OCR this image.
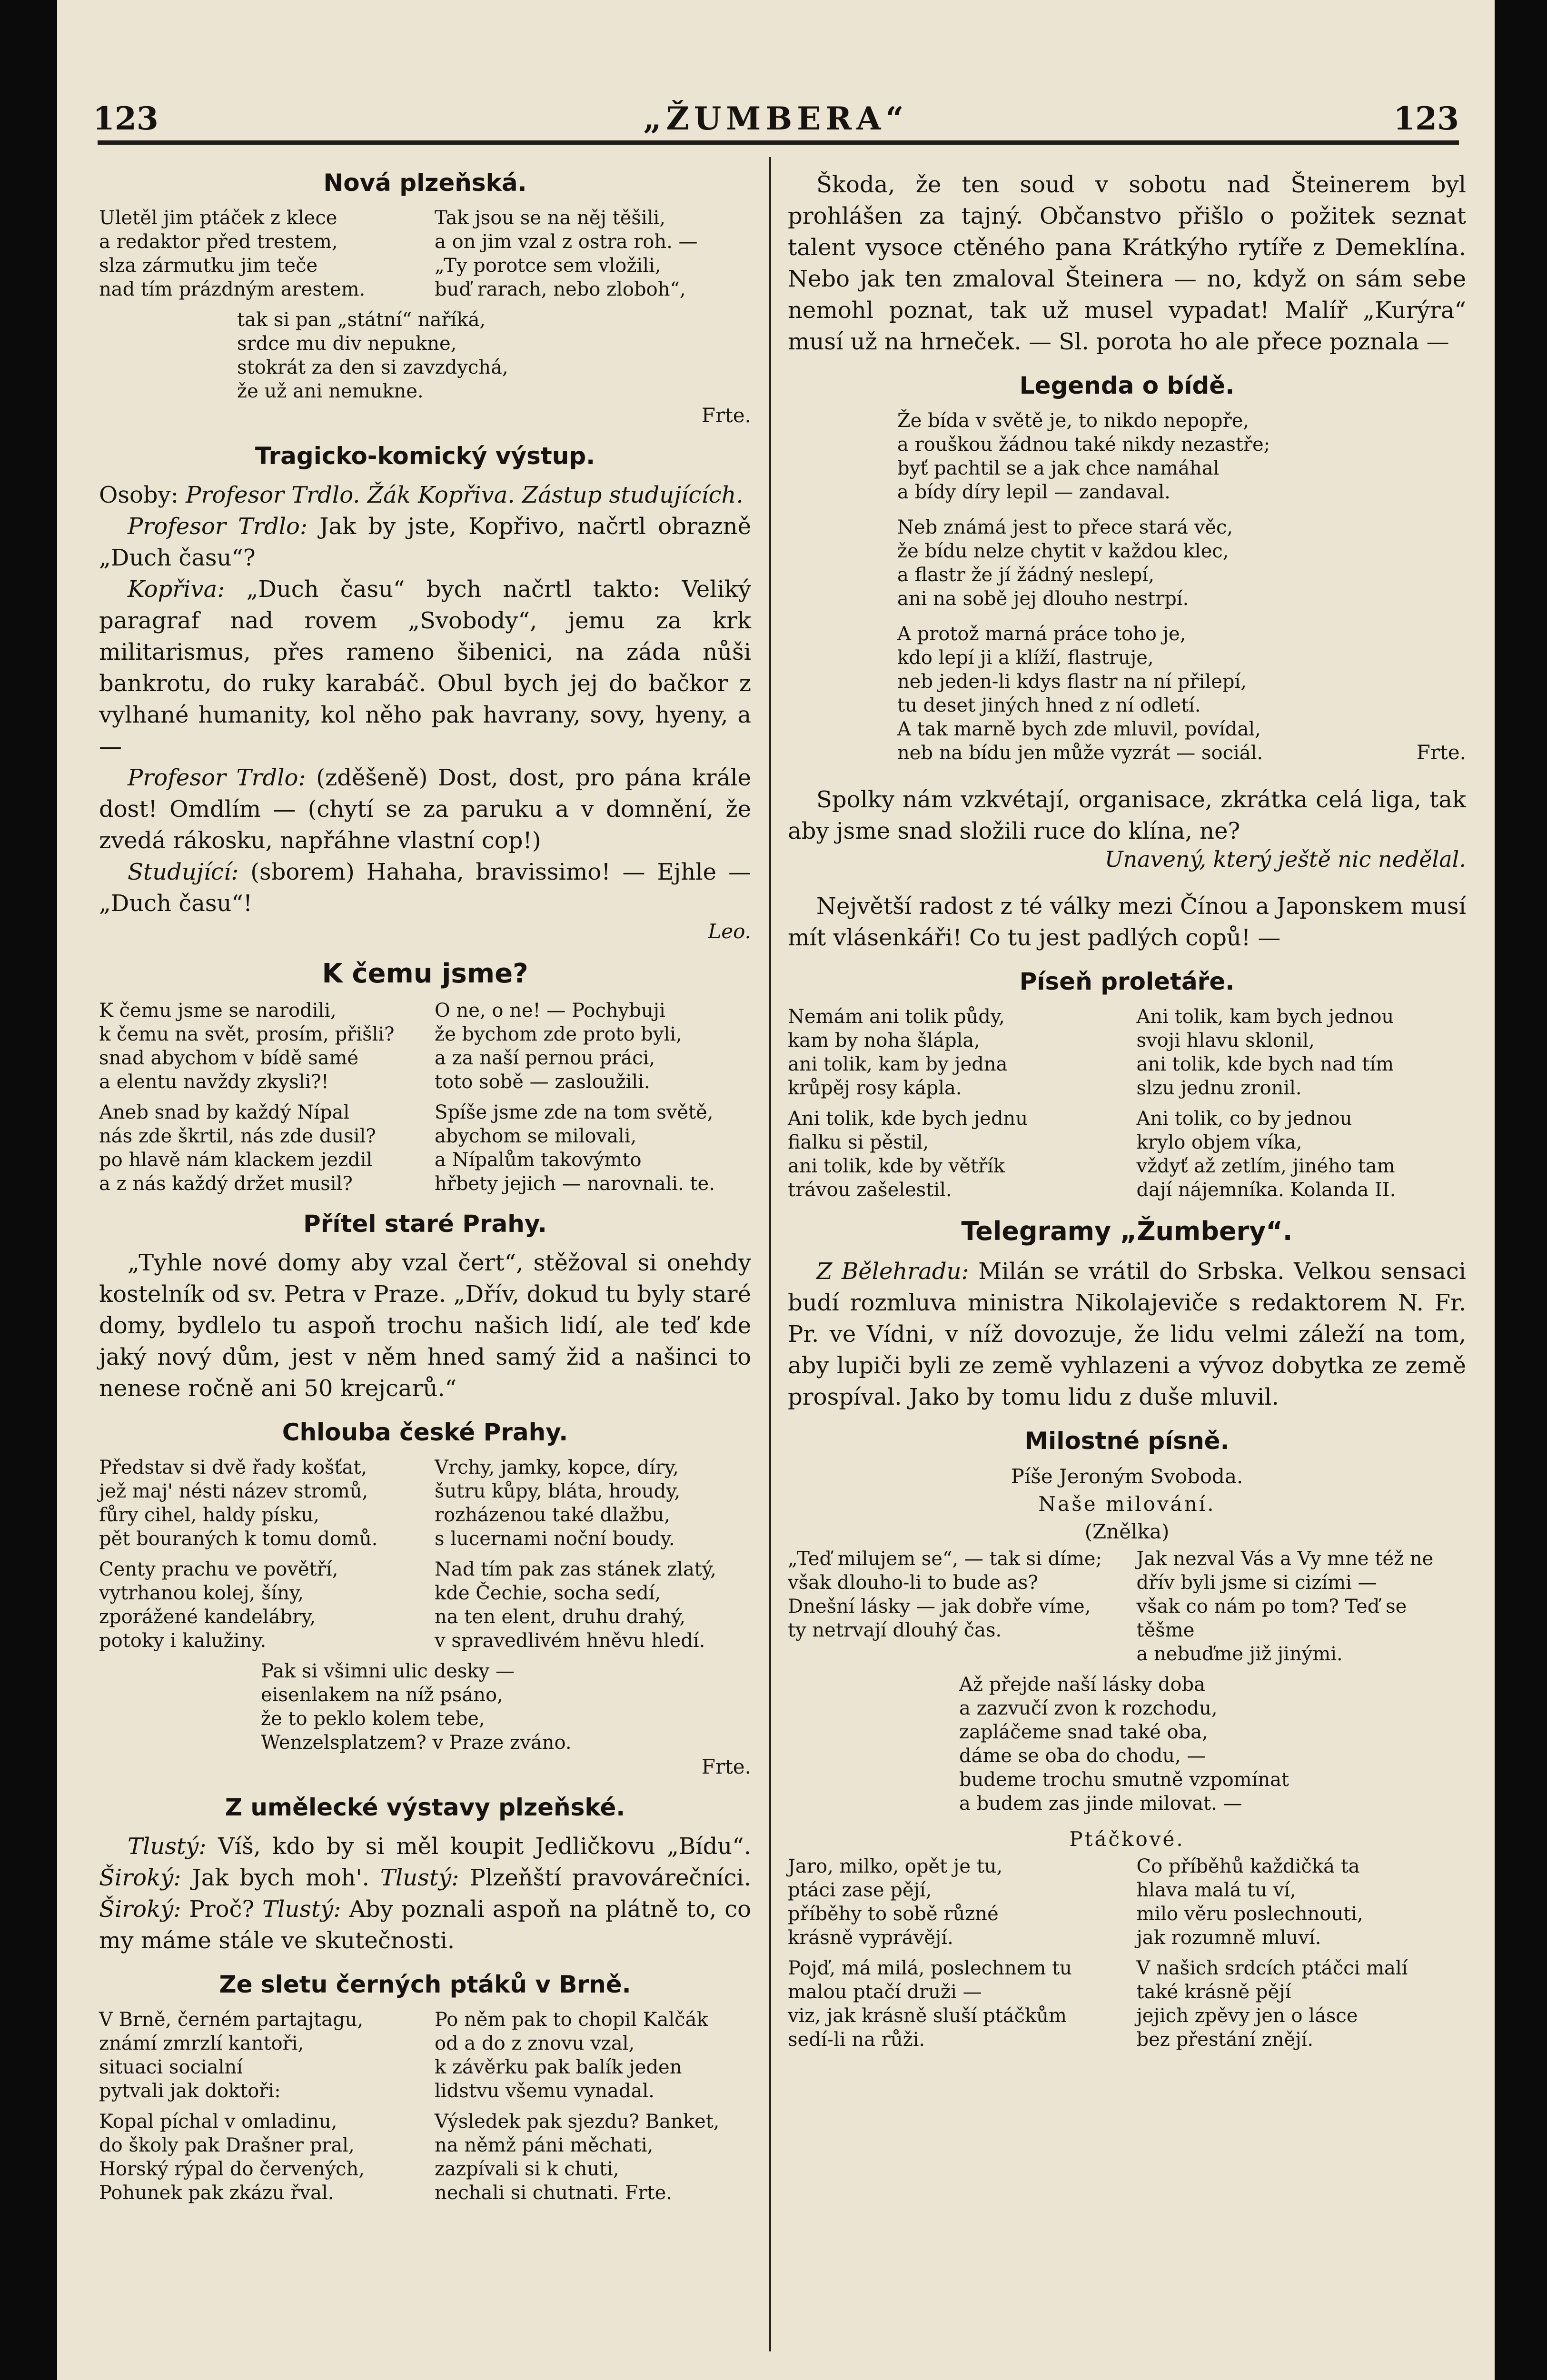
123	„ŽUMBERA“	123
Nová plzeňská.
Uletěl jim ptáček z klece
a redaktor před trestem,
slza zármutku jim teče
nad tím prázdným arestem.
Tak jsou se na něj těšili,
a on jim vzal z ostra roh. —
„Ty porotce sem vložili,
buď rarach, nebo zloboh“,
tak si pan „státní“ naříká,
srdce mu div nepukne,
stokrát za den si zavzdychá,
že už ani nemukne.
Frte.
Tragicko-komický výstup.

Osoby: Profesor Trdlo. Žák Kopřiva. Zástup studujících.

Profesor Trdlo: Jak by jste, Kopřivo, načrtl obrazně „Duch času“?

Kopřiva: „Duch času“ bych načrtl takto: Veliký paragraf nad rovem „Svobody“, jemu za krk militarismus, přes rameno šibenici, na záda nůši bankrotu, do ruky karabáč. Obul bych jej do bačkor z vylhané humanity, kol něho pak havrany, sovy, hyeny, a —

Profesor Trdlo: (zděšeně) Dost, dost, pro pána krále dost! Omdlím — (chytí se za paruku a v domnění, že zvedá rákosku, napřáhne vlastní cop!)

Studující: (sborem) Hahaha, bravissimo! — Ejhle — „Duch času“!

Leo.
K čemu jsme?
K čemu jsme se narodili,
k čemu na svět, prosím, přišli?
snad abychom v bídě samé
a elentu navždy zkysli?!
O ne, o ne! — Pochybuji
že bychom zde proto byli,
a za naší pernou práci,
toto sobě — zasloužili.
Aneb snad by každý Nípal
nás zde škrtil, nás zde dusil?
po hlavě nám klackem jezdil
a z nás každý držet musil?
Spíše jsme zde na tom světě,
abychom se milovali,
a Nípalům takovýmto
hřbety jejich — narovnali. te.
Přítel staré Prahy.

„Tyhle nové domy aby vzal čert“, stěžoval si onehdy kostelník od sv. Petra v Praze. „Dřív, dokud tu byly staré domy, bydlelo tu aspoň trochu našich lidí, ale teď kde jaký nový dům, jest v něm hned samý žid a našinci to nenese ročně ani 50 krejcarů.“

Chlouba české Prahy.
Představ si dvě řady košťat,
jež maj' nésti název stromů,
fůry cihel, haldy písku,
pět bouraných k tomu domů.
Vrchy, jamky, kopce, díry,
šutru kůpy, bláta, hroudy,
rozházenou také dlažbu,
s lucernami noční boudy.
Centy prachu ve povětří,
vytrhanou kolej, šíny,
zporážené kandelábry,
potoky i kalužiny.
Nad tím pak zas stánek zlatý,
kde Čechie, socha sedí,
na ten elent, druhu drahý,
v spravedlivém hněvu hledí.
Pak si všimni ulic desky —
eisenlakem na níž psáno,
že to peklo kolem tebe,
Wenzelsplatzem? v Praze zváno.
Frte.
Z umělecké výstavy plzeňské.

Tlustý: Víš, kdo by si měl koupit Jedličkovu „Bídu“. Široký: Jak bych moh'. Tlustý: Plzeňští pravovárečníci. Široký: Proč? Tlustý: Aby poznali aspoň na plátně to, co my máme stále ve skutečnosti.

Ze sletu černých ptáků v Brně.
V Brně, černém partajtagu,
známí zmrzlí kantoři,
situaci socialní
pytvali jak doktoři:
Po něm pak to chopil Kalčák
od a do z znovu vzal,
k závěrku pak balík jeden
lidstvu všemu vynadal.
Kopal píchal v omladinu,
do školy pak Drašner pral,
Horský rýpal do červených,
Pohunek pak zkázu řval.
Výsledek pak sjezdu? Banket,
na němž páni měchati,
zazpívali si k chuti,
nechali si chutnati. Frte.

Škoda, že ten soud v sobotu nad Šteinerem byl prohlášen za tajný. Občanstvo přišlo o požitek seznat talent vysoce ctěného pana Krátkýho rytíře z Demeklína. Nebo jak ten zmaloval Šteinera — no, když on sám sebe nemohl poznat, tak už musel vypadat! Malíř „Kurýra“ musí už na hrneček. — Sl. porota ho ale přece poznala —

Legenda o bídě.
Že bída v světě je, to nikdo nepopře,
a rouškou žádnou také nikdy nezastře;
byť pachtil se a jak chce namáhal
a bídy díry lepil — zandaval.
Neb známá jest to přece stará věc,
že bídu nelze chytit v každou klec,
a flastr že jí žádný neslepí,
ani na sobě jej dlouho nestrpí.
A protož marná práce toho je,
kdo lepí ji a klíží, flastruje,
neb jeden-li kdys flastr na ní přilepí,
tu deset jiných hned z ní odletí.
A tak marně bych zde mluvil, povídal,
neb na bídu jen může vyzrát — sociál.	Frte.

Spolky nám vzkvétají, organisace, zkrátka celá liga, tak aby jsme snad složili ruce do klína, ne?

Unavený, který ještě nic nedělal.

Největší radost z té války mezi Čínou a Japonskem musí mít vlásenkáři! Co tu jest padlých copů! —

Píseň proletáře.
Nemám ani tolik půdy,
kam by noha šlápla,
ani tolik, kam by jedna
krůpěj rosy kápla.
Ani tolik, kam bych jednou
svoji hlavu sklonil,
ani tolik, kde bych nad tím
slzu jednu zronil.
Ani tolik, kde bych jednu
fialku si pěstil,
ani tolik, kde by větřík
trávou zašelestil.
Ani tolik, co by jednou
krylo objem víka,
vždyť až zetlím, jiného tam
dají nájemníka. Kolanda II.
Telegramy „Žumbery“.

Z Bělehradu: Milán se vrátil do Srbska. Velkou sensaci budí rozmluva ministra Nikolajeviče s redaktorem N. Fr. Pr. ve Vídni, v níž dovozuje, že lidu velmi záleží na tom, aby lupiči byli ze země vyhlazeni a vývoz dobytka ze země prospíval. Jako by tomu lidu z duše mluvil.

Milostné písně.
Píše Jeroným Svoboda.
Naše milování.
(Znělka)
„Teď milujem se“, — tak si díme;
však dlouho-li to bude as?
Dnešní lásky — jak dobře víme,
ty netrvají dlouhý čas.
Jak nezval Vás a Vy mne též ne
dřív byli jsme si cizími —
však co nám po tom? Teď se těšme
a nebuďme již jinými.
Až přejde naší lásky doba
a zazvučí zvon k rozchodu,
zapláčeme snad také oba,
dáme se oba do chodu, —
budeme trochu smutně vzpomínat
a budem zas jinde milovat. —
Ptáčkové.
Jaro, milko, opět je tu,
ptáci zase pějí,
příběhy to sobě různé
krásně vyprávějí.
Co příběhů každičká ta
hlava malá tu ví,
milo věru poslechnouti,
jak rozumně mluví.
Pojď, má milá, poslechnem tu
malou ptačí druži —
viz, jak krásně sluší ptáčkům
sedí-li na růži.
V našich srdcích ptáčci malí
také krásně pějí
jejich zpěvy jen o lásce
bez přestání znějí.
